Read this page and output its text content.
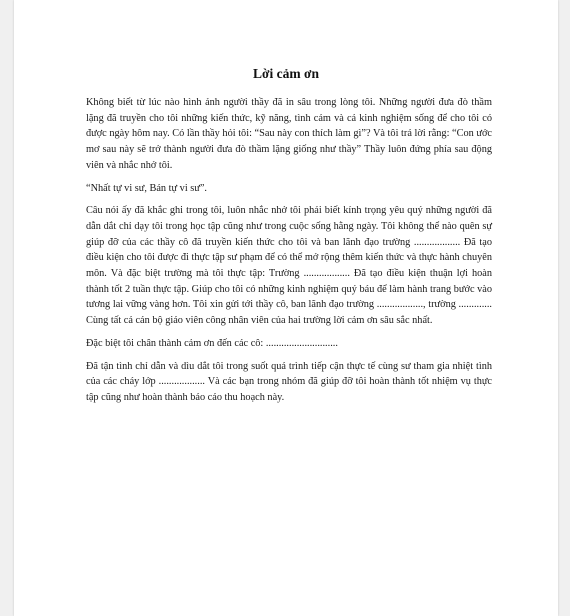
Lời cảm ơn

Không biết từ lúc nào hình ảnh người thầy đã in sâu trong lòng tôi. Những người đưa đò thầm lặng đã truyền cho tôi những kiến thức, kỹ năng, tình cảm và cả kinh nghiệm sống để cho tôi có được ngày hôm nay. Có lần thầy hỏi tôi: “Sau này con thích làm gì”? Và tôi trả lời rằng: “Con ước mơ sau này sẽ trở thành người đưa đò thầm lặng giống như thầy” Thầy luôn đứng phía sau động viên và nhắc nhở tôi.

“Nhất tự vi sư, Bán tự vi sư”.

Câu nói ấy đã khắc ghi trong tôi, luôn nhắc nhở tôi phải biết kính trọng yêu quý những người đã dẫn dắt chỉ dạy tôi trong học tập cũng như trong cuộc sống hằng ngày. Tôi không thể nào quên sự giúp đỡ của các thầy cô đã truyền kiến thức cho tôi và ban lãnh đạo trường .................. Đã tạo điều kiện cho tôi được đi thực tập sư phạm để có thể mở rộng thêm kiến thức và thực hành chuyên môn. Và đặc biệt trường mà tôi thực tập: Trường .................. Đã tạo điều kiện thuận lợi hoàn thành tốt 2 tuần thực tập. Giúp cho tôi có những kinh nghiệm quý báu để làm hành trang bước vào tương lai vững vàng hơn. Tôi xin gửi tới thầy cô, ban lãnh đạo trường .................., trường ............. Cùng tất cả cán bộ giáo viên công nhân viên của hai trường lời cảm ơn sâu sắc nhất.

Đặc biệt tôi chân thành cảm ơn đến các cô: ............................

Đã tận tình chỉ dẫn và dìu dắt tôi trong suốt quá trình tiếp cận thực tế cùng sư tham gia nhiệt tình của các cháy lớp .................. Và các bạn trong nhóm đã giúp đỡ tôi hoàn thành tốt nhiệm vụ thực tập cũng như hoàn thành báo cáo thu hoạch này.
